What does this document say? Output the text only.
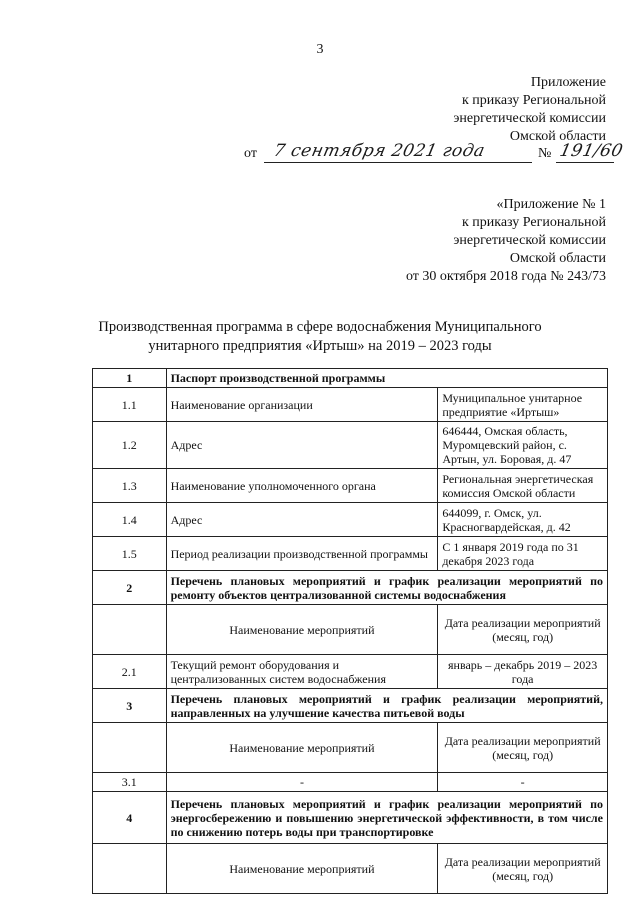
3
Приложение
к приказу Региональной
энергетической комиссии
Омской области
от 7 сентября 2021 года	№ 191/60
«Приложение № 1
к приказу Региональной
энергетической комиссии
Омской области
от 30 октября 2018 года № 243/73
Производственная программа в сфере водоснабжения Муниципального
унитарного предприятия «Иртыш» на 2019 – 2023 годы
1	Паспорт производственной программы	
1.1	Наименование организации	Муниципальное унитарное предприятие «Иртыш»
1.2	Адрес	646444, Омская область, Муромцевский район, с. Артын, ул. Боровая, д. 47
1.3	Наименование уполномоченного органа	Региональная энергетическая комиссия Омской области
1.4	Адрес	644099, г. Омск, ул. Красногвардейская, д. 42
1.5	Период реализации производственной программы	С 1 января 2019 года по 31 декабря 2023 года
2	Перечень плановых мероприятий и график реализации мероприятий по ремонту объектов централизованной системы водоснабжения	
	Наименование мероприятий	Дата реализации мероприятий (месяц, год)
2.1	Текущий ремонт оборудования и централизованных систем водоснабжения	январь – декабрь 2019 – 2023 года
3	Перечень плановых мероприятий и график реализации мероприятий, направленных на улучшение качества питьевой воды	
	Наименование мероприятий	Дата реализации мероприятий (месяц, год)
3.1	-	-
4	Перечень плановых мероприятий и график реализации мероприятий по энергосбережению и повышению энергетической эффективности, в том числе по снижению потерь воды при транспортировке	
	Наименование мероприятий	Дата реализации мероприятий (месяц, год)
